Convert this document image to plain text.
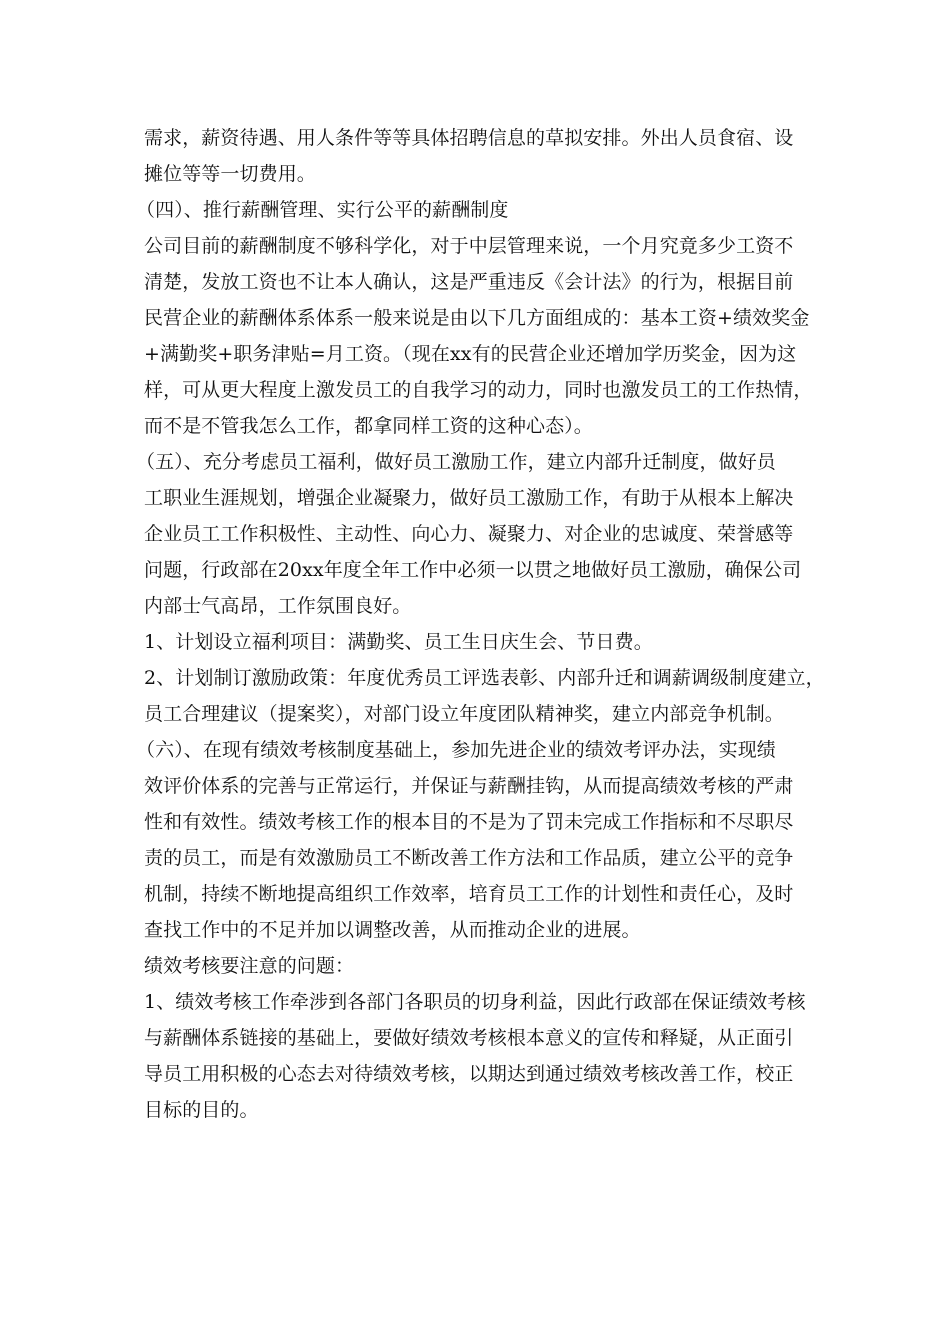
需求，薪资待遇、用人条件等等具体招聘信息的草拟安排。外出人员食宿、设
摊位等等一切费用。
（四）、推行薪酬管理、实行公平的薪酬制度
公司目前的薪酬制度不够科学化，对于中层管理来说，一个月究竟多少工资不
清楚，发放工资也不让本人确认，这是严重违反《会计法》的行为，根据目前
民营企业的薪酬体系体系一般来说是由以下几方面组成的：基本工资+绩效奖金
+满勤奖+职务津贴=月工资。（现在xx有的民营企业还增加学历奖金，因为这
样，可从更大程度上激发员工的自我学习的动力，同时也激发员工的工作热情，
而不是不管我怎么工作，都拿同样工资的这种心态）。
（五）、充分考虑员工福利，做好员工激励工作，建立内部升迁制度，做好员
工职业生涯规划，增强企业凝聚力，做好员工激励工作，有助于从根本上解决
企业员工工作积极性、主动性、向心力、凝聚力、对企业的忠诚度、荣誉感等
问题，行政部在20xx年度全年工作中必须一以贯之地做好员工激励，确保公司
内部士气高昂，工作氛围良好。
1、计划设立福利项目：满勤奖、员工生日庆生会、节日费。
2、计划制订激励政策：年度优秀员工评选表彰、内部升迁和调薪调级制度建立，
员工合理建议（提案奖），对部门设立年度团队精神奖，建立内部竞争机制。
（六）、在现有绩效考核制度基础上，参加先进企业的绩效考评办法，实现绩
效评价体系的完善与正常运行，并保证与薪酬挂钩，从而提高绩效考核的严肃
性和有效性。绩效考核工作的根本目的不是为了罚未完成工作指标和不尽职尽
责的员工，而是有效激励员工不断改善工作方法和工作品质，建立公平的竞争
机制，持续不断地提高组织工作效率，培育员工工作的计划性和责任心，及时
查找工作中的不足并加以调整改善，从而推动企业的进展。
绩效考核要注意的问题：
1、绩效考核工作牵涉到各部门各职员的切身利益，因此行政部在保证绩效考核
与薪酬体系链接的基础上，要做好绩效考核根本意义的宣传和释疑，从正面引
导员工用积极的心态去对待绩效考核，以期达到通过绩效考核改善工作，校正
目标的目的。
